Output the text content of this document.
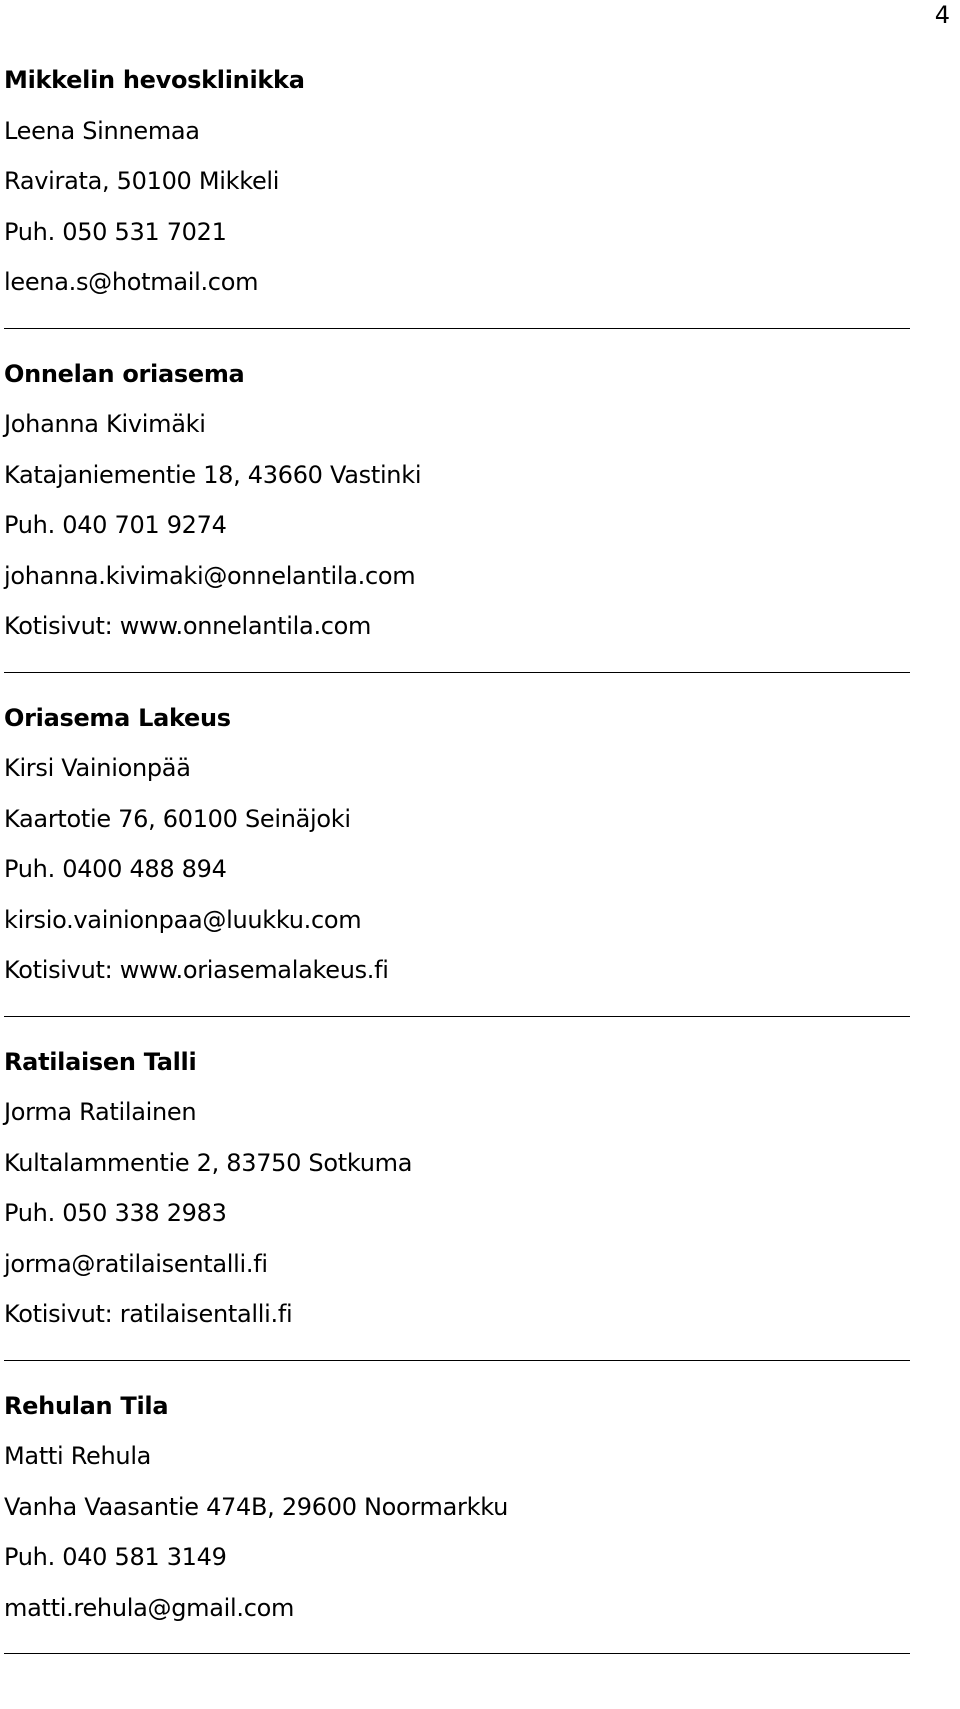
4
Mikkelin hevosklinikka
Leena Sinnemaa
Ravirata, 50100 Mikkeli
Puh. 050 531 7021
leena.s@hotmail.com
Onnelan oriasema
Johanna Kivimäki
Katajaniementie 18, 43660 Vastinki
Puh. 040 701 9274
johanna.kivimaki@onnelantila.com
Kotisivut: www.onnelantila.com
Oriasema Lakeus
Kirsi Vainionpää
Kaartotie 76, 60100 Seinäjoki
Puh. 0400 488 894
kirsio.vainionpaa@luukku.com
Kotisivut: www.oriasemalakeus.fi
Ratilaisen Talli
Jorma Ratilainen
Kultalammentie 2, 83750 Sotkuma
Puh. 050 338 2983
jorma@ratilaisentalli.fi
Kotisivut: ratilaisentalli.fi
Rehulan Tila
Matti Rehula
Vanha Vaasantie 474B, 29600 Noormarkku
Puh. 040 581 3149
matti.rehula@gmail.com
